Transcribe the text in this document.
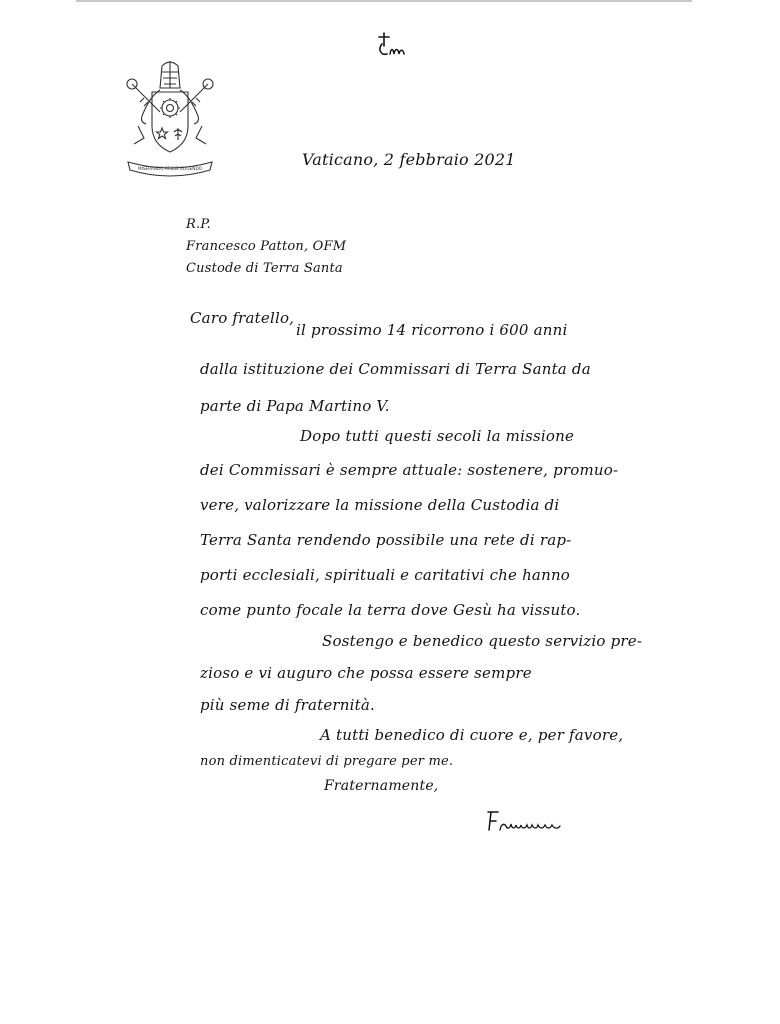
MISERANDO ATQUE ELIGENDO	Vaticano, 2 febbraio 2021
R.P.
Francesco Patton, OFM
Custode di Terra Santa
Caro fratello,
il prossimo 14 ricorrono i 600 anni
dalla istituzione dei Commissari di Terra Santa da
parte di Papa Martino V.
Dopo tutti questi secoli la missione
dei Commissari è sempre attuale: sostenere, promuo-
vere, valorizzare la missione della Custodia di
Terra Santa rendendo possibile una rete di rap-
porti ecclesiali, spirituali e caritativi che hanno
come punto focale la terra dove Gesù ha vissuto.
Sostengo e benedico questo servizio pre-
zioso e vi auguro che possa essere sempre
più seme di fraternità.
A tutti benedico di cuore e, per favore,
non dimenticatevi di pregare per me.
Fraternamente,
